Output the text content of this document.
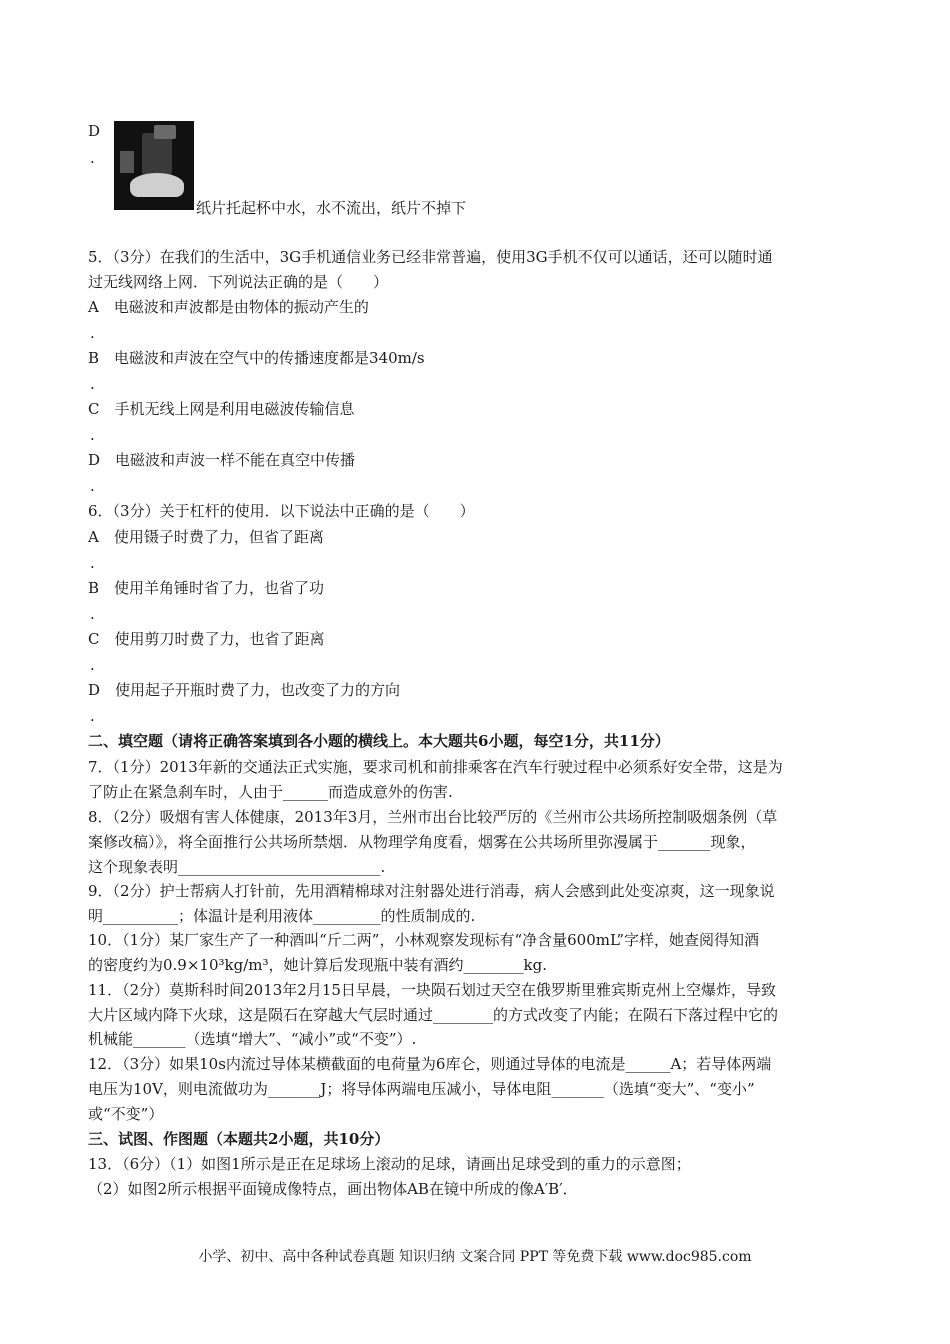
D
.
纸片托起杯中水，水不流出，纸片不掉下
5．（3分）在我们的生活中，3G手机通信业务已经非常普遍，使用3G手机不仅可以通话，还可以随时通
过无线网络上网．下列说法正确的是（　　）
A　电磁波和声波都是由物体的振动产生的
.
B　电磁波和声波在空气中的传播速度都是340m/s
.
C　手机无线上网是利用电磁波传输信息
.
D　电磁波和声波一样不能在真空中传播
.
6．（3分）关于杠杆的使用．以下说法中正确的是（　　）
A　使用镊子时费了力，但省了距离
.
B　使用羊角锤时省了力，也省了功
.
C　使用剪刀时费了力，也省了距离
.
D　使用起子开瓶时费了力，也改变了力的方向
.
二、填空题（请将正确答案填到各小题的横线上。本大题共6小题，每空1分，共11分）
7．（1分）2013年新的交通法正式实施，要求司机和前排乘客在汽车行驶过程中必须系好安全带，这是为
了防止在紧急刹车时，人由于______而造成意外的伤害.
8．（2分）吸烟有害人体健康，2013年3月，兰州市出台比较严厉的《兰州市公共场所控制吸烟条例（草
案修改稿）》，将全面推行公共场所禁烟．从物理学角度看，烟雾在公共场所里弥漫属于_______现象，
这个现象表明___________________________.
9．（2分）护士帮病人打针前，先用酒精棉球对注射器处进行消毒，病人会感到此处变凉爽，这一现象说
明__________；体温计是利用液体_________的性质制成的.
10．（1分）某厂家生产了一种酒叫“斤二两”，小林观察发现标有“净含量600mL”字样，她查阅得知酒
的密度约为0.9×10³kg/m³，她计算后发现瓶中装有酒约________kg.
11．（2分）莫斯科时间2013年2月15日早晨，一块陨石划过天空在俄罗斯里雅宾斯克州上空爆炸，导致
大片区域内降下火球，这是陨石在穿越大气层时通过________的方式改变了内能；在陨石下落过程中它的
机械能_______（选填“增大”、“减小”或“不变”）.
12．（3分）如果10s内流过导体某横截面的电荷量为6库仑，则通过导体的电流是______A；若导体两端
电压为10V，则电流做功为_______J；将导体两端电压减小，导体电阻_______（选填“变大”、“变小”
或“不变”）
三、试图、作图题（本题共2小题，共10分）
13．（6分）（1）如图1所示是正在足球场上滚动的足球，请画出足球受到的重力的示意图；
（2）如图2所示根据平面镜成像特点，画出物体AB在镜中所成的像A′B′．
小学、初中、高中各种试卷真题 知识归纳 文案合同 PPT 等免费下载 www.doc985.com
